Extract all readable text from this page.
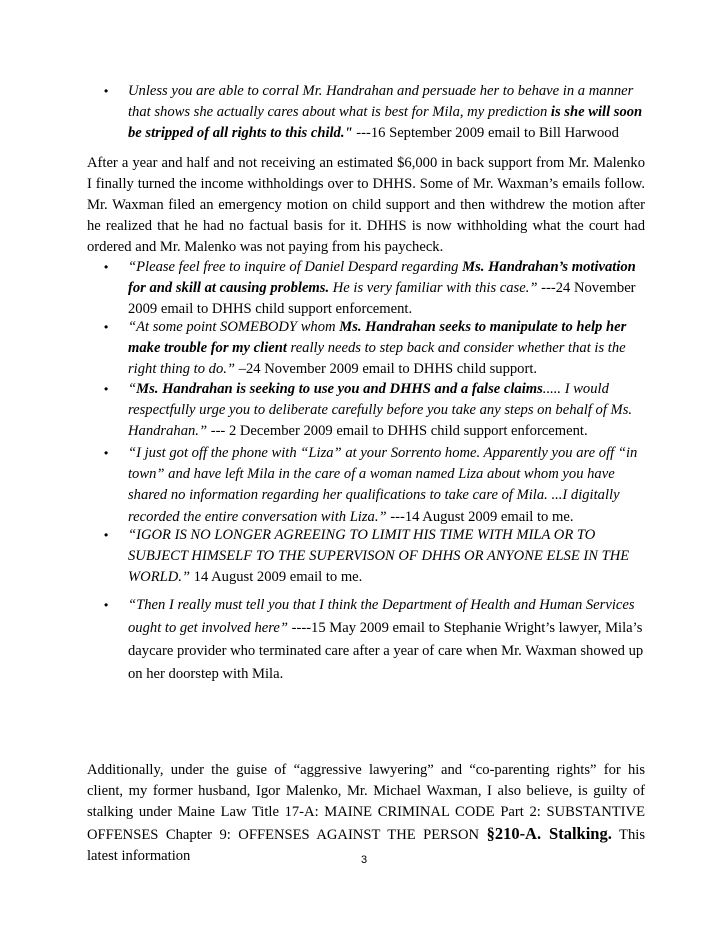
• Unless you are able to corral Mr. Handrahan and persuade her to behave in a manner that shows she actually cares about what is best for Mila, my prediction is she will soon be stripped of all rights to this child." ---16 September 2009 email to Bill Harwood
After a year and half and not receiving an estimated $6,000 in back support from Mr. Malenko I finally turned the income withholdings over to DHHS. Some of Mr. Waxman’s emails follow. Mr. Waxman filed an emergency motion on child support and then withdrew the motion after he realized that he had no factual basis for it. DHHS is now withholding what the court had ordered and Mr. Malenko was not paying from his paycheck.
• “Please feel free to inquire of Daniel Despard regarding Ms. Handrahan’s motivation for and skill at causing problems. He is very familiar with this case.” ---24 November 2009 email to DHHS child support enforcement.
• “At some point SOMEBODY whom Ms. Handrahan seeks to manipulate to help her make trouble for my client really needs to step back and consider whether that is the right thing to do.” –24 November 2009 email to DHHS child support.
• “Ms. Handrahan is seeking to use you and DHHS and a false claims..... I would respectfully urge you to deliberate carefully before you take any steps on behalf of Ms. Handrahan.” --- 2 December 2009 email to DHHS child support enforcement.
• “I just got off the phone with “Liza” at your Sorrento home. Apparently you are off “in town” and have left Mila in the care of a woman named Liza about whom you have shared no information regarding her qualifications to take care of Mila. ...I digitally recorded the entire conversation with Liza.” ---14 August 2009 email to me.
• “IGOR IS NO LONGER AGREEING TO LIMIT HIS TIME WITH MILA OR TO SUBJECT HIMSELF TO THE SUPERVISON OF DHHS OR ANYONE ELSE IN THE WORLD.” 14 August 2009 email to me.
• “Then I really must tell you that I think the Department of Health and Human Services ought to get involved here” ----15 May 2009 email to Stephanie Wright’s lawyer, Mila’s daycare provider who terminated care after a year of care when Mr. Waxman showed up on her doorstep with Mila.
Additionally, under the guise of “aggressive lawyering” and “co-parenting rights” for his client, my former husband, Igor Malenko, Mr. Michael Waxman, I also believe, is guilty of stalking under Maine Law Title 17-A: MAINE CRIMINAL CODE Part 2: SUBSTANTIVE OFFENSES Chapter 9: OFFENSES AGAINST THE PERSON §210-A. Stalking. This latest information	3
